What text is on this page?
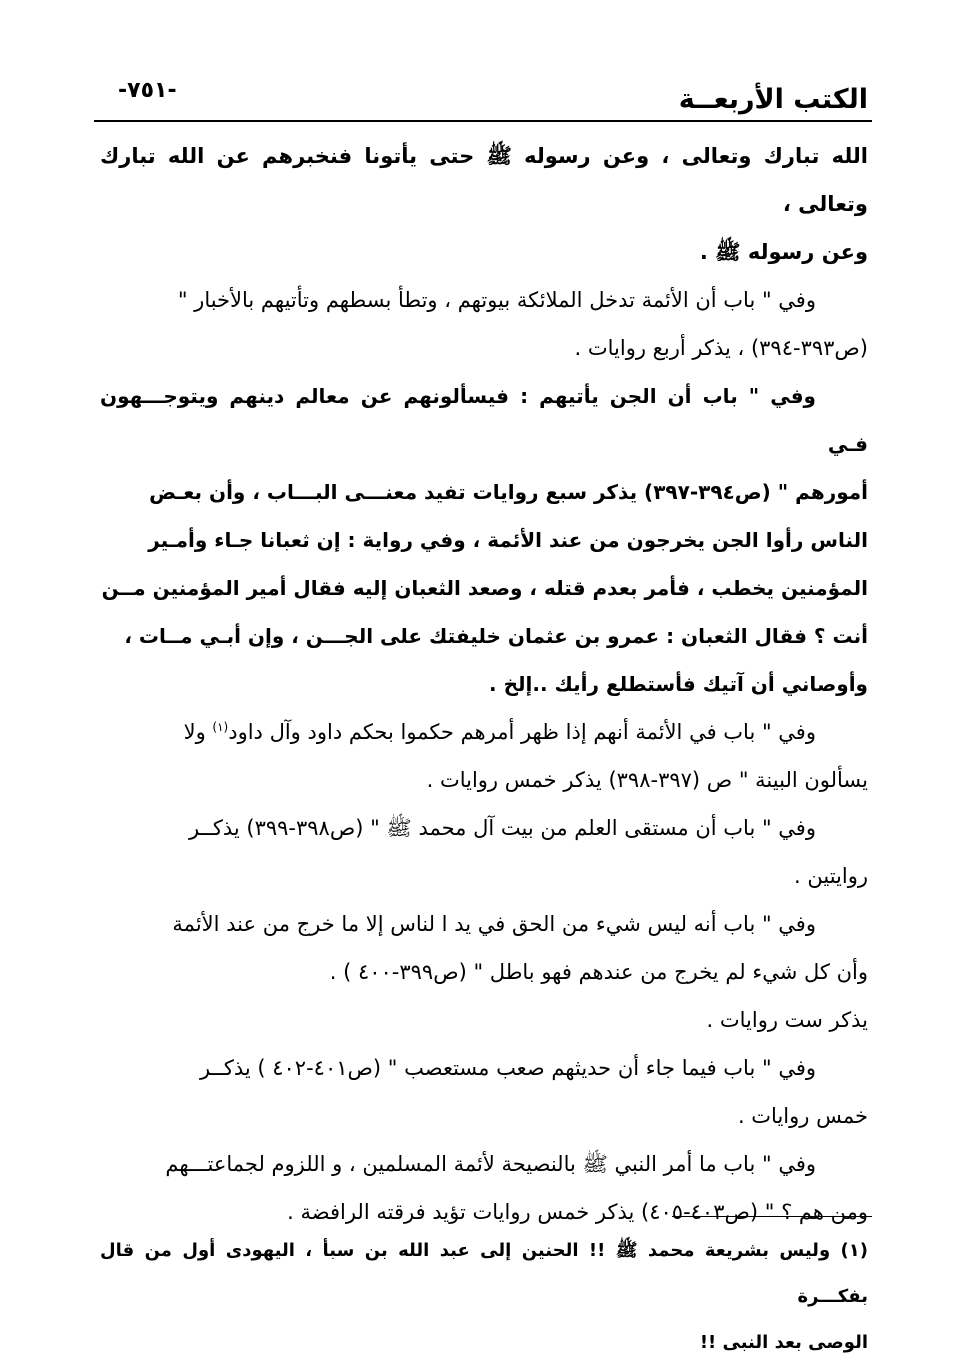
الكتب الأربعــة
-٧٥١-

الله تبارك وتعالى ، وعن رسوله ﷺ حتى يأتونا فنخبرهم عن الله تبارك وتعالى ،
وعن رسوله ﷺ .

وفي " باب أن الأئمة تدخل الملائكة بيوتهم ، وتطأ بسطهم وتأتيهم بالأخبار "
(ص٣٩٣-٣٩٤) ، يذكر أربع روايات .

وفي " باب أن الجن يأتيهم : فيسألونهم عن معالم دينهم ويتوجـــهون فـي
أمورهم " (ص٣٩٤-٣٩٧) يذكر سبع روايات تفيد معنـــى البـــاب ، وأن بعـض
الناس رأوا الجن يخرجون من عند الأئمة ، وفي رواية : إن ثعبانا جـاء وأمـير
المؤمنين يخطب ، فأمر بعدم قتله ، وصعد الثعبان إليه فقال أمير المؤمنين مــن
أنت ؟ فقال الثعبان : عمرو بن عثمان خليفتك على الجـــن ، وإن أبـي مــات ،
وأوصاني أن آتيك فأستطلع رأيك ..إلخ .

وفي " باب في الأئمة أنهم إذا ظهر أمرهم حكموا بحكم داود وآل داود$^{(١)}$ ولا
يسألون البينة " ص (٣٩٧-٣٩٨) يذكر خمس روايات .

وفي " باب أن مستقى العلم من بيت آل محمد ﷺ " (ص٣٩٨-٣٩٩) يذكــر
روايتين .

وفي " باب أنه ليس شيء من الحق في يد ا لناس إلا ما خرج من عند الأئمة
وأن كل شيء لم يخرج من عندهم فهو باطل " (ص٣٩٩-٤٠٠ ) .
يذكر ست روايات .

وفي " باب فيما جاء أن حديثهم صعب مستعصب " (ص٤٠١-٤٠٢ ) يذكــر
خمس روايات .

وفي " باب ما أمر النبي ﷺ بالنصيحة لأئمة المسلمين ، و اللزوم لجماعتـــهم
ومن هم ؟ " (ص٤٠٣-٤٠٥) يذكر خمس روايات تؤيد فرقته الرافضة .

(١) وليس بشريعة محمد ﷺ !! الحنين إلى عبد الله بن سبأ ، اليهودى أول من قال بفكـــرة
الوصى بعد النبى !!
